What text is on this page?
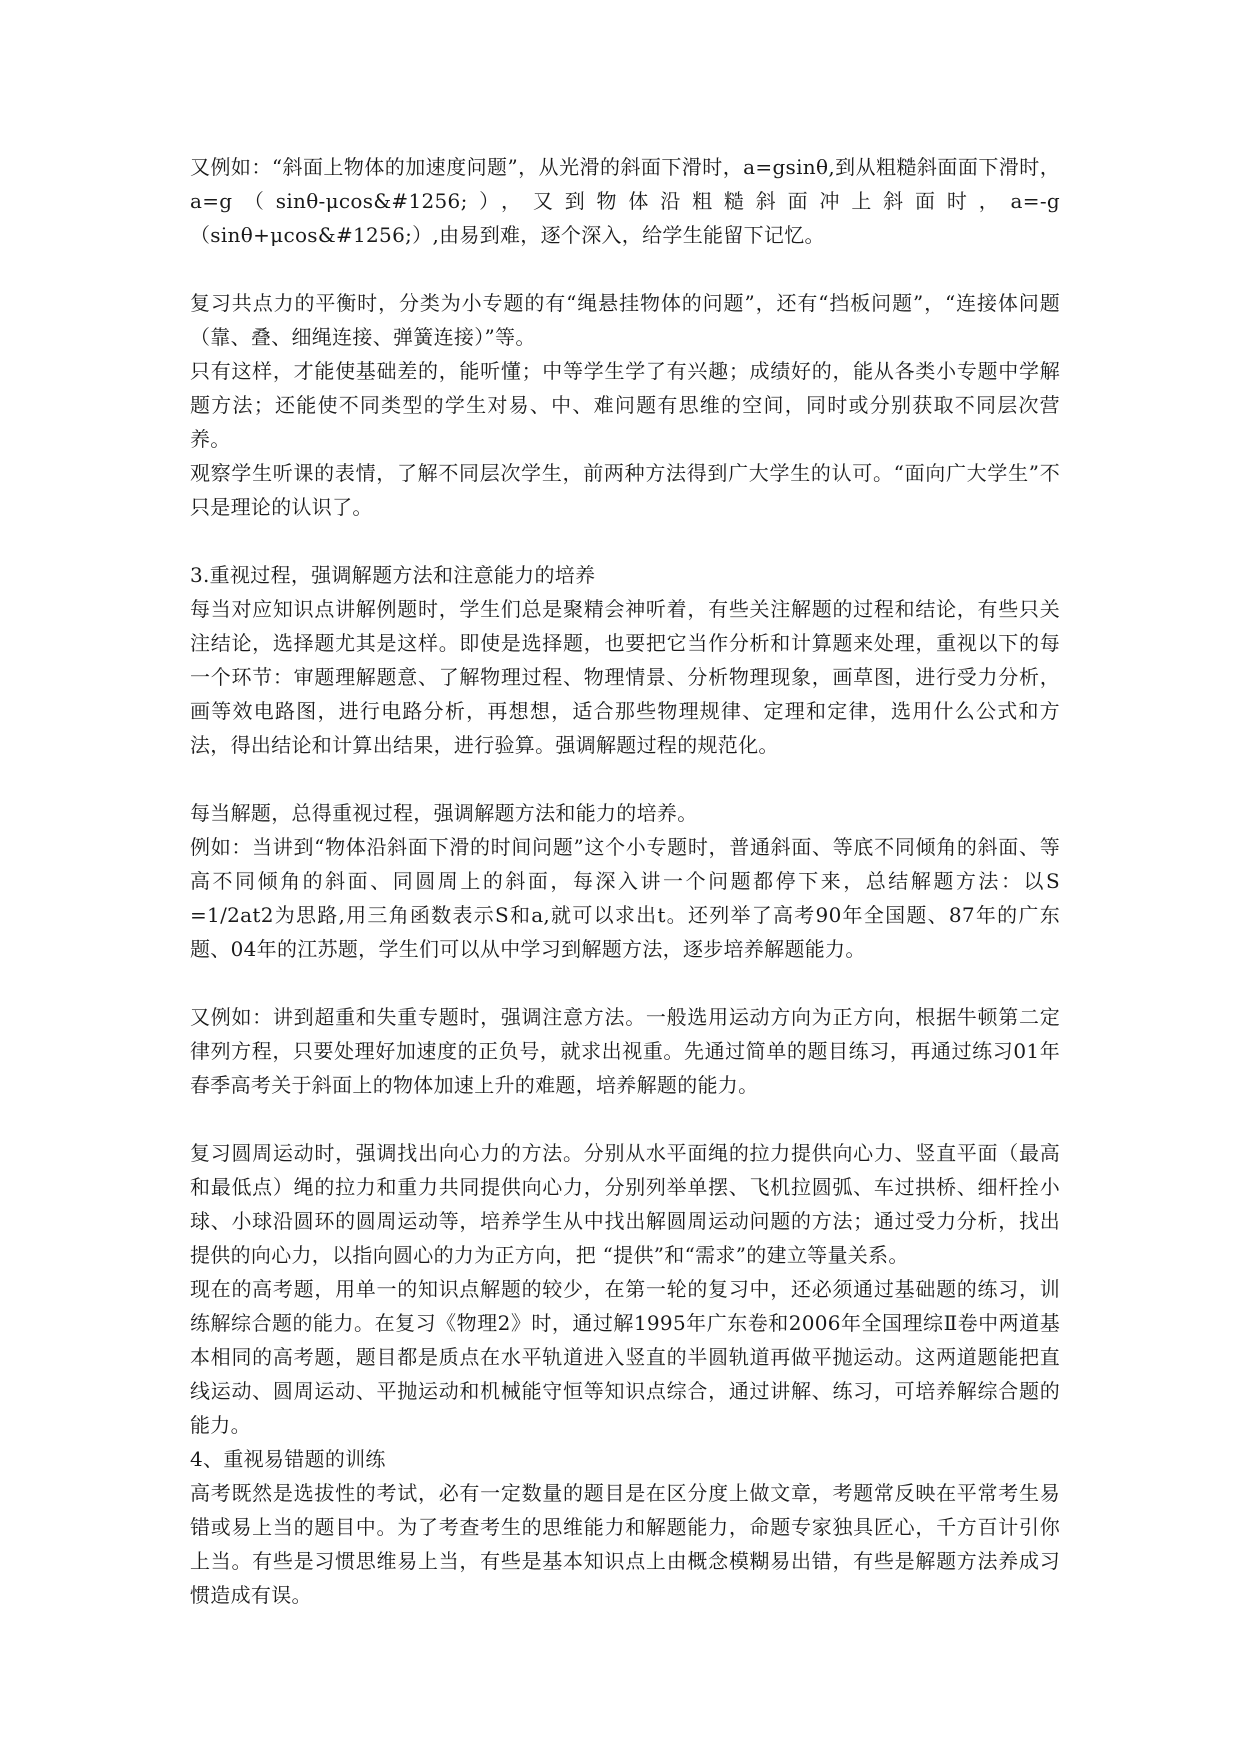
又例如：“斜面上物体的加速度问题”，从光滑的斜面下滑时，a=gsinθ,到从粗糙斜面面下滑时，a=g（sinθ-μcos&#1256;），又到物体沿粗糙斜面冲上斜面时，a=-g（sinθ+μcos&#1256;）,由易到难，逐个深入，给学生能留下记忆。

复习共点力的平衡时，分类为小专题的有“绳悬挂物体的问题”，还有“挡板问题”，“连接体问题（靠、叠、细绳连接、弹簧连接）”等。

只有这样，才能使基础差的，能听懂；中等学生学了有兴趣；成绩好的，能从各类小专题中学解题方法；还能使不同类型的学生对易、中、难问题有思维的空间，同时或分别获取不同层次营养。

观察学生听课的表情，了解不同层次学生，前两种方法得到广大学生的认可。“面向广大学生”不只是理论的认识了。

3.重视过程，强调解题方法和注意能力的培养

每当对应知识点讲解例题时，学生们总是聚精会神听着，有些关注解题的过程和结论，有些只关注结论，选择题尤其是这样。即使是选择题，也要把它当作分析和计算题来处理，重视以下的每一个环节：审题理解题意、了解物理过程、物理情景、分析物理现象，画草图，进行受力分析，画等效电路图，进行电路分析，再想想，适合那些物理规律、定理和定律，选用什么公式和方法，得出结论和计算出结果，进行验算。强调解题过程的规范化。

每当解题，总得重视过程，强调解题方法和能力的培养。

例如：当讲到“物体沿斜面下滑的时间问题”这个小专题时，普通斜面、等底不同倾角的斜面、等高不同倾角的斜面、同圆周上的斜面，每深入讲一个问题都停下来，总结解题方法：以S =1/2at2为思路,用三角函数表示S和a,就可以求出t。还列举了高考90年全国题、87年的广东题、04年的江苏题，学生们可以从中学习到解题方法，逐步培养解题能力。

又例如：讲到超重和失重专题时，强调注意方法。一般选用运动方向为正方向，根据牛顿第二定律列方程，只要处理好加速度的正负号，就求出视重。先通过简单的题目练习，再通过练习01年春季高考关于斜面上的物体加速上升的难题，培养解题的能力。

复习圆周运动时，强调找出向心力的方法。分别从水平面绳的拉力提供向心力、竖直平面（最高和最低点）绳的拉力和重力共同提供向心力，分别列举单摆、飞机拉圆弧、车过拱桥、细杆拴小球、小球沿圆环的圆周运动等，培养学生从中找出解圆周运动问题的方法；通过受力分析，找出提供的向心力，以指向圆心的力为正方向，把 “提供”和“需求”的建立等量关系。

现在的高考题，用单一的知识点解题的较少，在第一轮的复习中，还必须通过基础题的练习，训练解综合题的能力。在复习《物理2》时，通过解1995年广东卷和2006年全国理综Ⅱ卷中两道基本相同的高考题，题目都是质点在水平轨道进入竖直的半圆轨道再做平抛运动。这两道题能把直线运动、圆周运动、平抛运动和机械能守恒等知识点综合，通过讲解、练习，可培养解综合题的能力。

4、重视易错题的训练

高考既然是选拔性的考试，必有一定数量的题目是在区分度上做文章，考题常反映在平常考生易错或易上当的题目中。为了考查考生的思维能力和解题能力，命题专家独具匠心，千方百计引你上当。有些是习惯思维易上当，有些是基本知识点上由概念模糊易出错，有些是解题方法养成习惯造成有误。
